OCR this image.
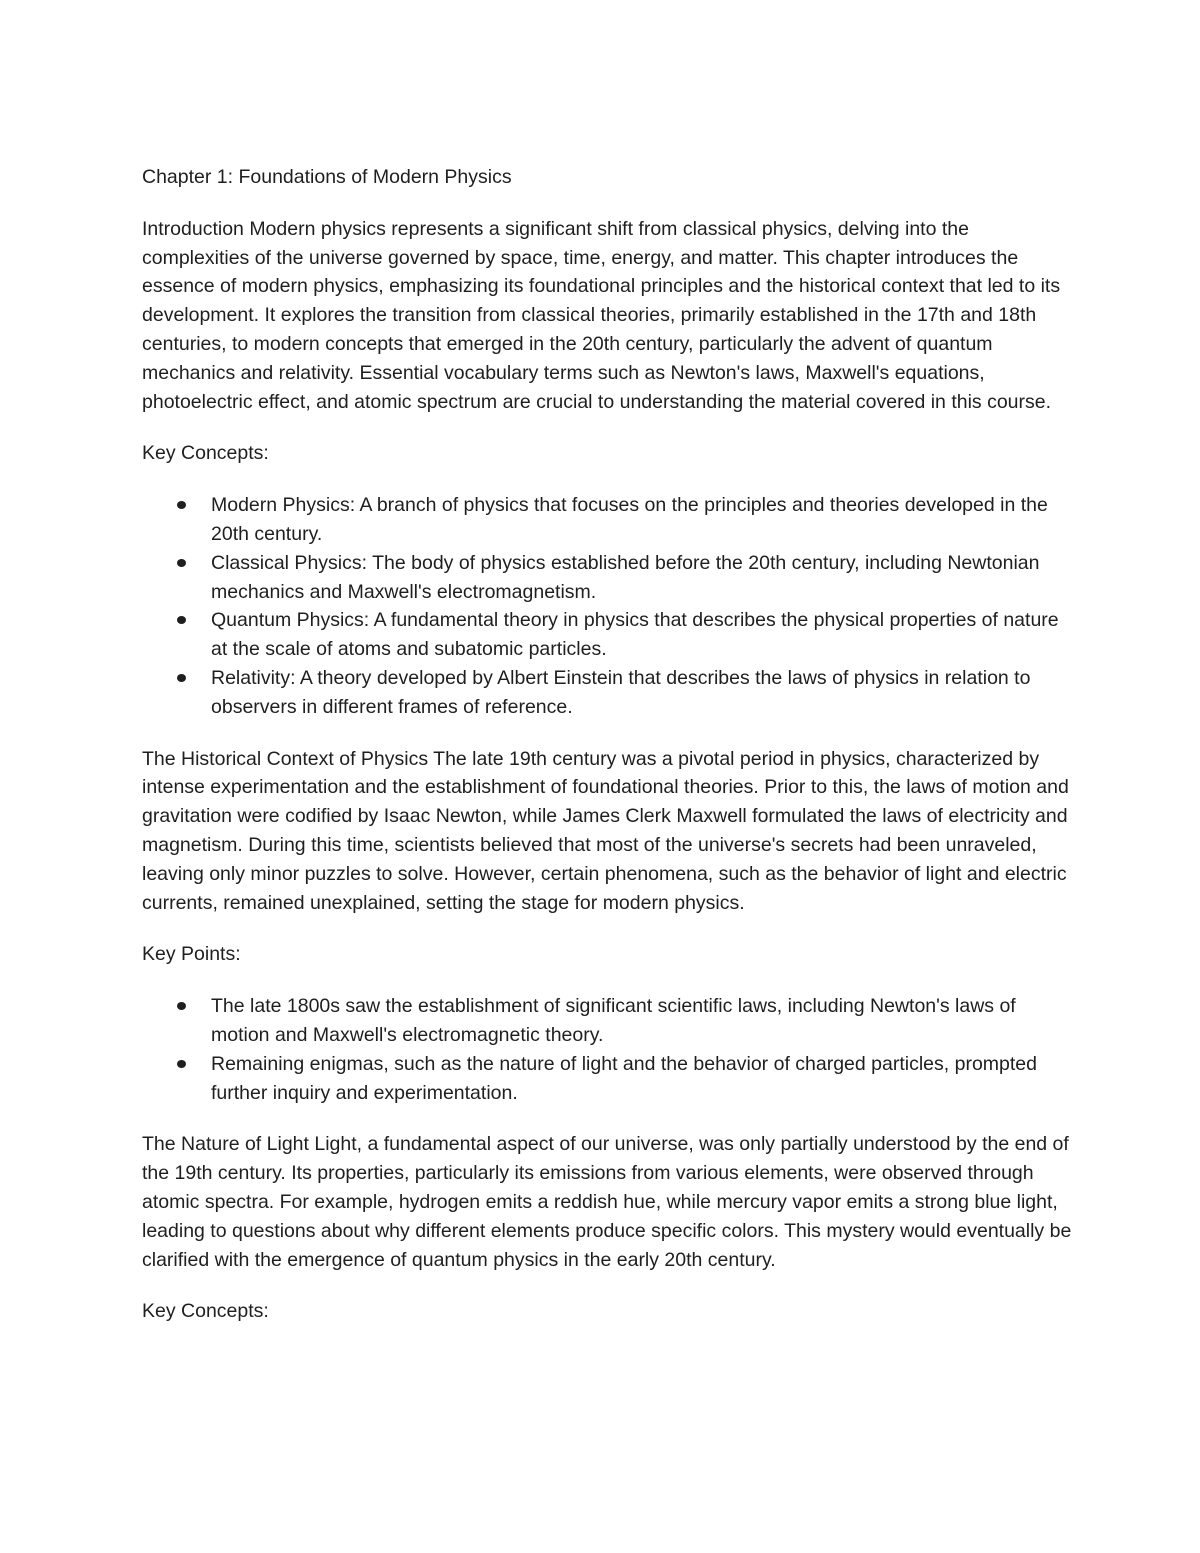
Chapter 1: Foundations of Modern Physics

Introduction Modern physics represents a significant shift from classical physics, delving into the complexities of the universe governed by space, time, energy, and matter. This chapter introduces the essence of modern physics, emphasizing its foundational principles and the historical context that led to its development. It explores the transition from classical theories, primarily established in the 17th and 18th centuries, to modern concepts that emerged in the 20th century, particularly the advent of quantum mechanics and relativity. Essential vocabulary terms such as Newton's laws, Maxwell's equations, photoelectric effect, and atomic spectrum are crucial to understanding the material covered in this course.

Key Concepts:

Modern Physics: A branch of physics that focuses on the principles and theories developed in the 20th century.
Classical Physics: The body of physics established before the 20th century, including Newtonian mechanics and Maxwell's electromagnetism.
Quantum Physics: A fundamental theory in physics that describes the physical properties of nature at the scale of atoms and subatomic particles.
Relativity: A theory developed by Albert Einstein that describes the laws of physics in relation to observers in different frames of reference.

The Historical Context of Physics The late 19th century was a pivotal period in physics, characterized by intense experimentation and the establishment of foundational theories. Prior to this, the laws of motion and gravitation were codified by Isaac Newton, while James Clerk Maxwell formulated the laws of electricity and magnetism. During this time, scientists believed that most of the universe's secrets had been unraveled, leaving only minor puzzles to solve. However, certain phenomena, such as the behavior of light and electric currents, remained unexplained, setting the stage for modern physics.

Key Points:

The late 1800s saw the establishment of significant scientific laws, including Newton's laws of motion and Maxwell's electromagnetic theory.
Remaining enigmas, such as the nature of light and the behavior of charged particles, prompted further inquiry and experimentation.

The Nature of Light Light, a fundamental aspect of our universe, was only partially understood by the end of the 19th century. Its properties, particularly its emissions from various elements, were observed through atomic spectra. For example, hydrogen emits a reddish hue, while mercury vapor emits a strong blue light, leading to questions about why different elements produce specific colors. This mystery would eventually be clarified with the emergence of quantum physics in the early 20th century.

Key Concepts:
